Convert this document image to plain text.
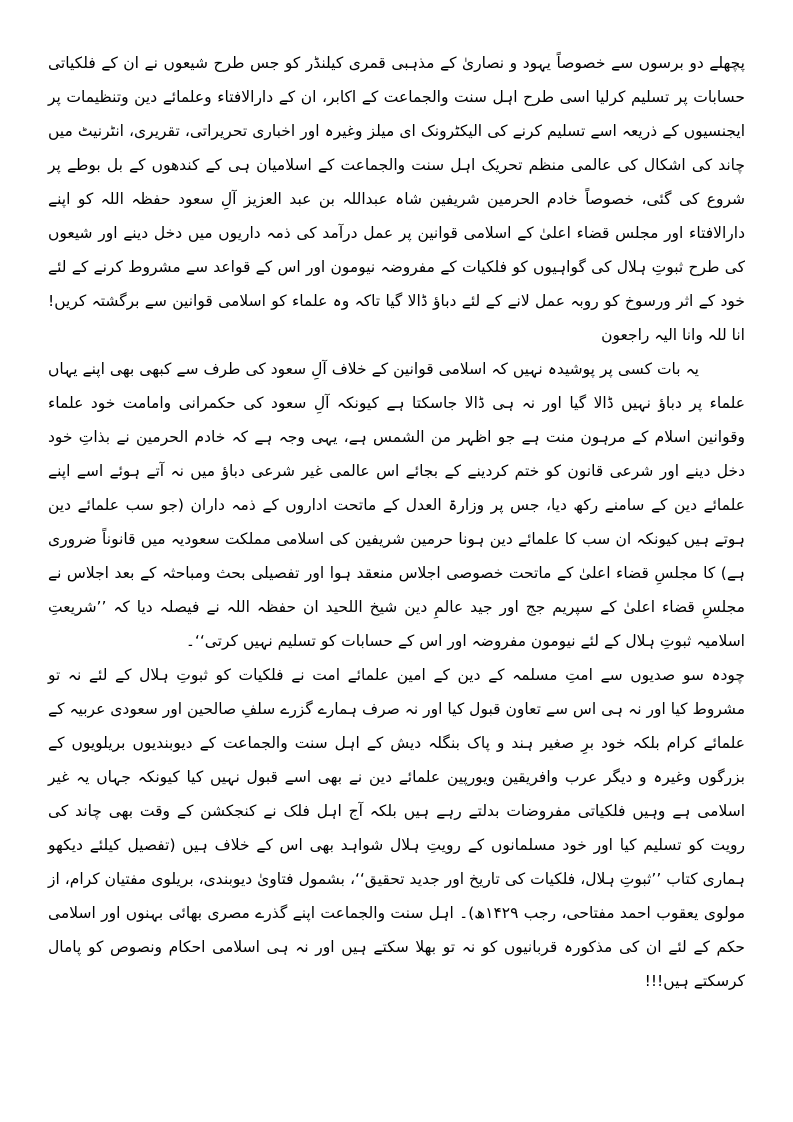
پچھلے دو برسوں سے خصوصاً یہود و نصاریٰ کے مذہبی قمری کیلنڈر کو جس طرح شیعوں نے ان کے فلکیاتی حسابات پر تسلیم کرلیا اسی طرح اہل سنت والجماعت کے اکابر، ان کے دارالافتاء وعلمائے دین وتنظیمات پر ایجنسیوں کے ذریعہ اسے تسلیم کرنے کی الیکٹرونک ای میلز وغیرہ اور اخباری تحریراتی، تقریری، انٹرنیٹ میں چاند کی اشکال کی عالمی منظم تحریک اہل سنت والجماعت کے اسلامیان ہی کے کندھوں کے بل بوطے پر شروع کی گئی، خصوصاً خادم الحرمین شریفین شاہ عبداللہ بن عبد العزیز آلِ سعود حفظہ اللہ کو اپنے دارالافتاء اور مجلس قضاء اعلیٰ کے اسلامی قوانین پر عمل درآمد کی ذمہ داریوں میں دخل دینے اور شیعوں کی طرح ثبوتِ ہلال کی گواہیوں کو فلکیات کے مفروضہ نیومون اور اس کے قواعد سے مشروط کرنے کے لئے خود کے اثر ورسوخ کو روبہ عمل لانے کے لئے دباؤ ڈالا گیا تاکہ وہ علماء کو اسلامی قوانین سے برگشتہ کریں! انا للہ وانا الیہ راجعون

یہ بات کسی پر پوشیدہ نہیں کہ اسلامی قوانین کے خلاف آلِ سعود کی طرف سے کبھی بھی اپنے یہاں علماء پر دباؤ نہیں ڈالا گیا اور نہ ہی ڈالا جاسکتا ہے کیونکہ آلِ سعود کی حکمرانی وامامت خود علماء وقوانین اسلام کے مرہون منت ہے جو اظہر من الشمس ہے، یہی وجہ ہے کہ خادم الحرمین نے بذاتِ خود دخل دینے اور شرعی قانون کو ختم کردینے کے بجائے اس عالمی غیر شرعی دباؤ میں نہ آتے ہوئے اسے اپنے علمائے دین کے سامنے رکھ دیا، جس پر وزارۃ العدل کے ماتحت اداروں کے ذمہ داران (جو سب علمائے دین ہوتے ہیں کیونکہ ان سب کا علمائے دین ہونا حرمین شریفین کی اسلامی مملکت سعودیہ میں قانوناً ضروری ہے) کا مجلسِ قضاء اعلیٰ کے ماتحت خصوصی اجلاس منعقد ہوا اور تفصیلی بحث ومباحثہ کے بعد اجلاس نے مجلسِ قضاء اعلیٰ کے سپریم جج اور جید عالمِ دین شیخ اللحید ان حفظہ اللہ نے فیصلہ دیا کہ ’’شریعتِ اسلامیہ ثبوتِ ہلال کے لئے نیومون مفروضہ اور اس کے حسابات کو تسلیم نہیں کرتی‘‘۔

چودہ سو صدیوں سے امتِ مسلمہ کے دین کے امین علمائے امت نے فلکیات کو ثبوتِ ہلال کے لئے نہ تو مشروط کیا اور نہ ہی اس سے تعاون قبول کیا اور نہ صرف ہمارے گزرے سلفِ صالحین اور سعودی عربیہ کے علمائے کرام بلکہ خود برِ صغیر ہند و پاک بنگلہ دیش کے اہل سنت والجماعت کے دیوبندیوں بریلویوں کے بزرگوں وغیرہ و دیگر عرب وافریقین ویورپین علمائے دین نے بھی اسے قبول نہیں کیا کیونکہ جہاں یہ غیر اسلامی ہے وہیں فلکیاتی مفروضات بدلتے رہے ہیں بلکہ آج اہل فلک نے کنجکشن کے وقت بھی چاند کی رویت کو تسلیم کیا اور خود مسلمانوں کے رویتِ ہلال شواہد بھی اس کے خلاف ہیں (تفصیل کیلئے دیکھو ہماری کتاب ’’ثبوتِ ہلال، فلکیات کی تاریخ اور جدید تحقیق‘‘، بشمول فتاویٰ دیوبندی، بریلوی مفتیان کرام، از مولوی یعقوب احمد مفتاحی، رجب ۱۴۲۹ھ)۔ اہل سنت والجماعت اپنے گذرے مصری بھائی بہنوں اور اسلامی حکم کے لئے ان کی مذکورہ قربانیوں کو نہ تو بھلا سکتے ہیں اور نہ ہی اسلامی احکام ونصوص کو پامال کرسکتے ہیں!!!
